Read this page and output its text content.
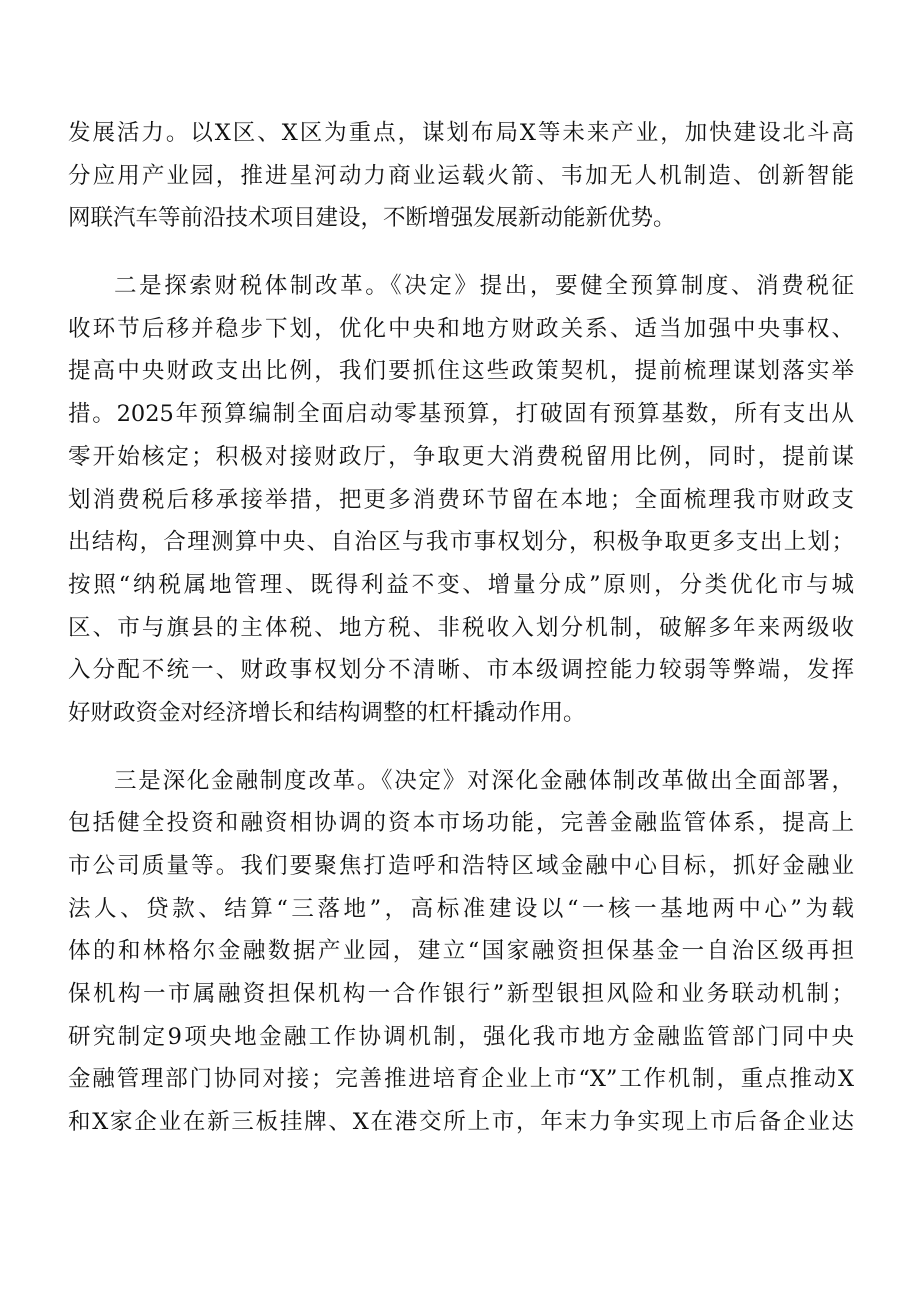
发展活力。以X区、X区为重点，谋划布局X等未来产业，加快建设北斗高
分应用产业园，推进星河动力商业运载火箭、韦加无人机制造、创新智能
网联汽车等前沿技术项目建设，不断增强发展新动能新优势。
二是探索财税体制改革。《决定》提出，要健全预算制度、消费税征
收环节后移并稳步下划，优化中央和地方财政关系、适当加强中央事权、
提高中央财政支出比例，我们要抓住这些政策契机，提前梳理谋划落实举
措。2025年预算编制全面启动零基预算，打破固有预算基数，所有支出从
零开始核定；积极对接财政厅，争取更大消费税留用比例，同时，提前谋
划消费税后移承接举措，把更多消费环节留在本地；全面梳理我市财政支
出结构，合理测算中央、自治区与我市事权划分，积极争取更多支出上划；
按照“纳税属地管理、既得利益不变、增量分成”原则，分类优化市与城
区、市与旗县的主体税、地方税、非税收入划分机制，破解多年来两级收
入分配不统一、财政事权划分不清晰、市本级调控能力较弱等弊端，发挥
好财政资金对经济增长和结构调整的杠杆撬动作用。
三是深化金融制度改革。《决定》对深化金融体制改革做出全面部署，
包括健全投资和融资相协调的资本市场功能，完善金融监管体系，提高上
市公司质量等。我们要聚焦打造呼和浩特区域金融中心目标，抓好金融业
法人、贷款、结算“三落地”，高标准建设以“一核一基地两中心”为载
体的和林格尔金融数据产业园，建立“国家融资担保基金一自治区级再担
保机构一市属融资担保机构一合作银行”新型银担风险和业务联动机制；
研究制定9项央地金融工作协调机制，强化我市地方金融监管部门同中央
金融管理部门协同对接；完善推进培育企业上市“X”工作机制，重点推动X
和X家企业在新三板挂牌、X在港交所上市，年末力争实现上市后备企业达
